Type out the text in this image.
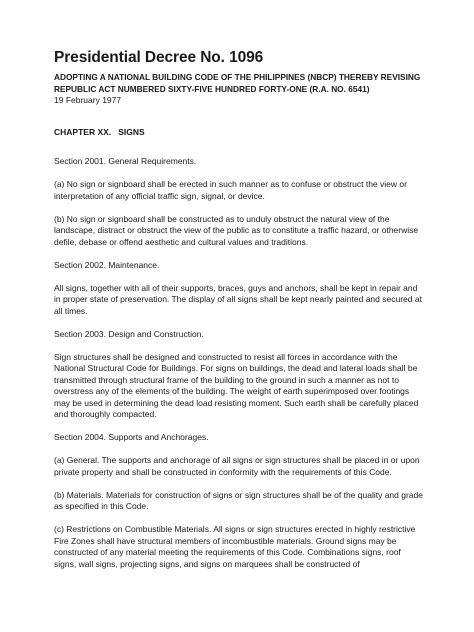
Presidential Decree No. 1096
ADOPTING A NATIONAL BUILDING CODE OF THE PHILIPPINES (NBCP) THEREBY REVISING REPUBLIC ACT NUMBERED SIXTY-FIVE HUNDRED FORTY-ONE (R.A. NO. 6541)
19 February 1977
CHAPTER XX.   SIGNS

Section 2001. General Requirements.

(a) No sign or signboard shall be erected in such manner as to confuse or obstruct the view or interpretation of any official traffic sign, signal, or device.

(b) No sign or signboard shall be constructed as to unduly obstruct the natural view of the landscape, distract or obstruct the view of the public as to constitute a traffic hazard, or otherwise defile, debase or offend aesthetic and cultural values and traditions.

Section 2002. Maintenance.

All signs, together with all of their supports, braces, guys and anchors, shall be kept in repair and in proper state of preservation. The display of all signs shall be kept nearly painted and secured at all times.

Section 2003. Design and Construction.

Sign structures shall be designed and constructed to resist all forces in accordance with the National Structural Code for Buildings. For signs on buildings, the dead and lateral loads shall be transmitted through structural frame of the building to the ground in such a manner as not to overstress any of the elements of the building. The weight of earth superimposed over footings may be used in determining the dead load resisting moment. Such earth shall be carefully placed and thoroughly compacted.

Section 2004. Supports and Anchorages.

(a) General. The supports and anchorage of all signs or sign structures shall be placed in or upon private property and shall be constructed in conformity with the requirements of this Code.

(b) Materials. Materials for construction of signs or sign structures shall be of the quality and grade as specified in this Code.

(c) Restrictions on Combustible Materials. All signs or sign structures erected in highly restrictive Fire Zones shall have structural members of incombustible materials. Ground signs may be constructed of any material meeting the requirements of this Code. Combinations signs, roof signs, wall signs, projecting signs, and signs on marquees shall be constructed of
